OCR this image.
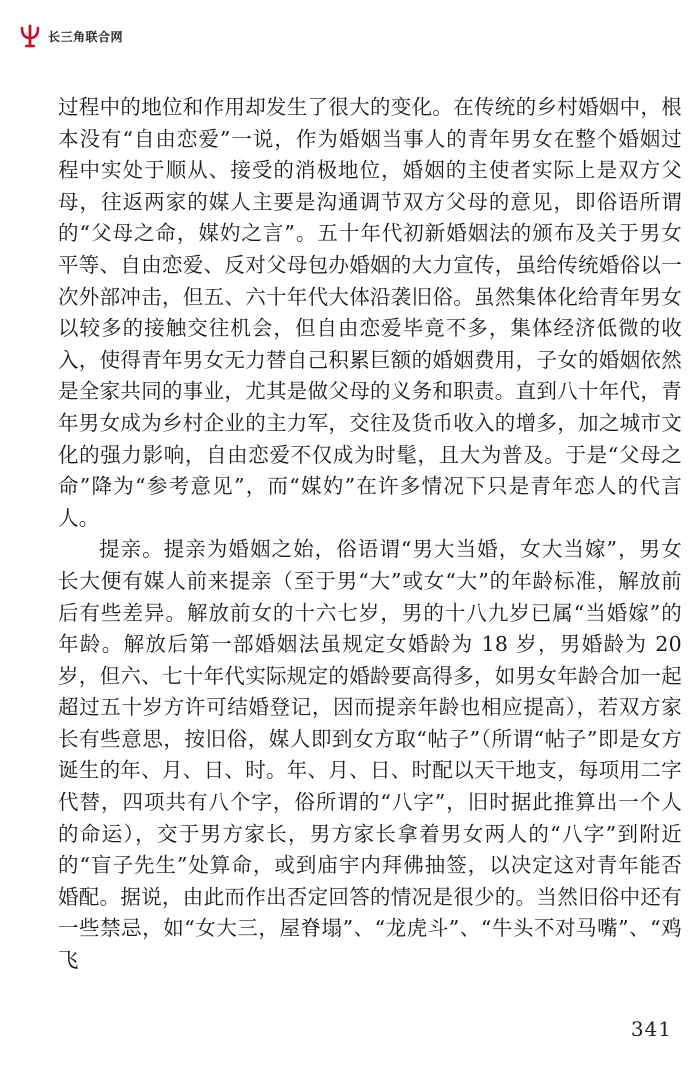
长三角联合网

过程中的地位和作用却发生了很大的变化。在传统的乡村婚姻中，根本没有“自由恋爱”一说，作为婚姻当事人的青年男女在整个婚姻过程中实处于顺从、接受的消极地位，婚姻的主使者实际上是双方父母，往返两家的媒人主要是沟通调节双方父母的意见，即俗语所谓的“父母之命，媒妁之言”。五十年代初新婚姻法的颁布及关于男女平等、自由恋爱、反对父母包办婚姻的大力宣传，虽给传统婚俗以一次外部冲击，但五、六十年代大体沿袭旧俗。虽然集体化给青年男女以较多的接触交往机会，但自由恋爱毕竟不多，集体经济低微的收入，使得青年男女无力替自己积累巨额的婚姻费用，子女的婚姻依然是全家共同的事业，尤其是做父母的义务和职责。直到八十年代，青年男女成为乡村企业的主力军，交往及货币收入的增多，加之城市文化的强力影响，自由恋爱不仅成为时髦，且大为普及。于是“父母之命”降为“参考意见”，而“媒妁”在许多情况下只是青年恋人的代言人。

提亲。提亲为婚姻之始，俗语谓“男大当婚，女大当嫁”，男女长大便有媒人前来提亲（至于男“大”或女“大”的年龄标准，解放前后有些差异。解放前女的十六七岁，男的十八九岁已属“当婚嫁”的年龄。解放后第一部婚姻法虽规定女婚龄为 18 岁，男婚龄为 20 岁，但六、七十年代实际规定的婚龄要高得多，如男女年龄合加一起超过五十岁方许可结婚登记，因而提亲年龄也相应提高），若双方家长有些意思，按旧俗，媒人即到女方取“帖子”（所谓“帖子”即是女方诞生的年、月、日、时。年、月、日、时配以天干地支，每项用二字代替，四项共有八个字，俗所谓的“八字”，旧时据此推算出一个人的命运），交于男方家长，男方家长拿着男女两人的“八字”到附近的“盲子先生”处算命，或到庙宇内拜佛抽签，以决定这对青年能否婚配。据说，由此而作出否定回答的情况是很少的。当然旧俗中还有一些禁忌，如“女大三，屋脊塌”、“龙虎斗”、“牛头不对马嘴”、“鸡飞

341
